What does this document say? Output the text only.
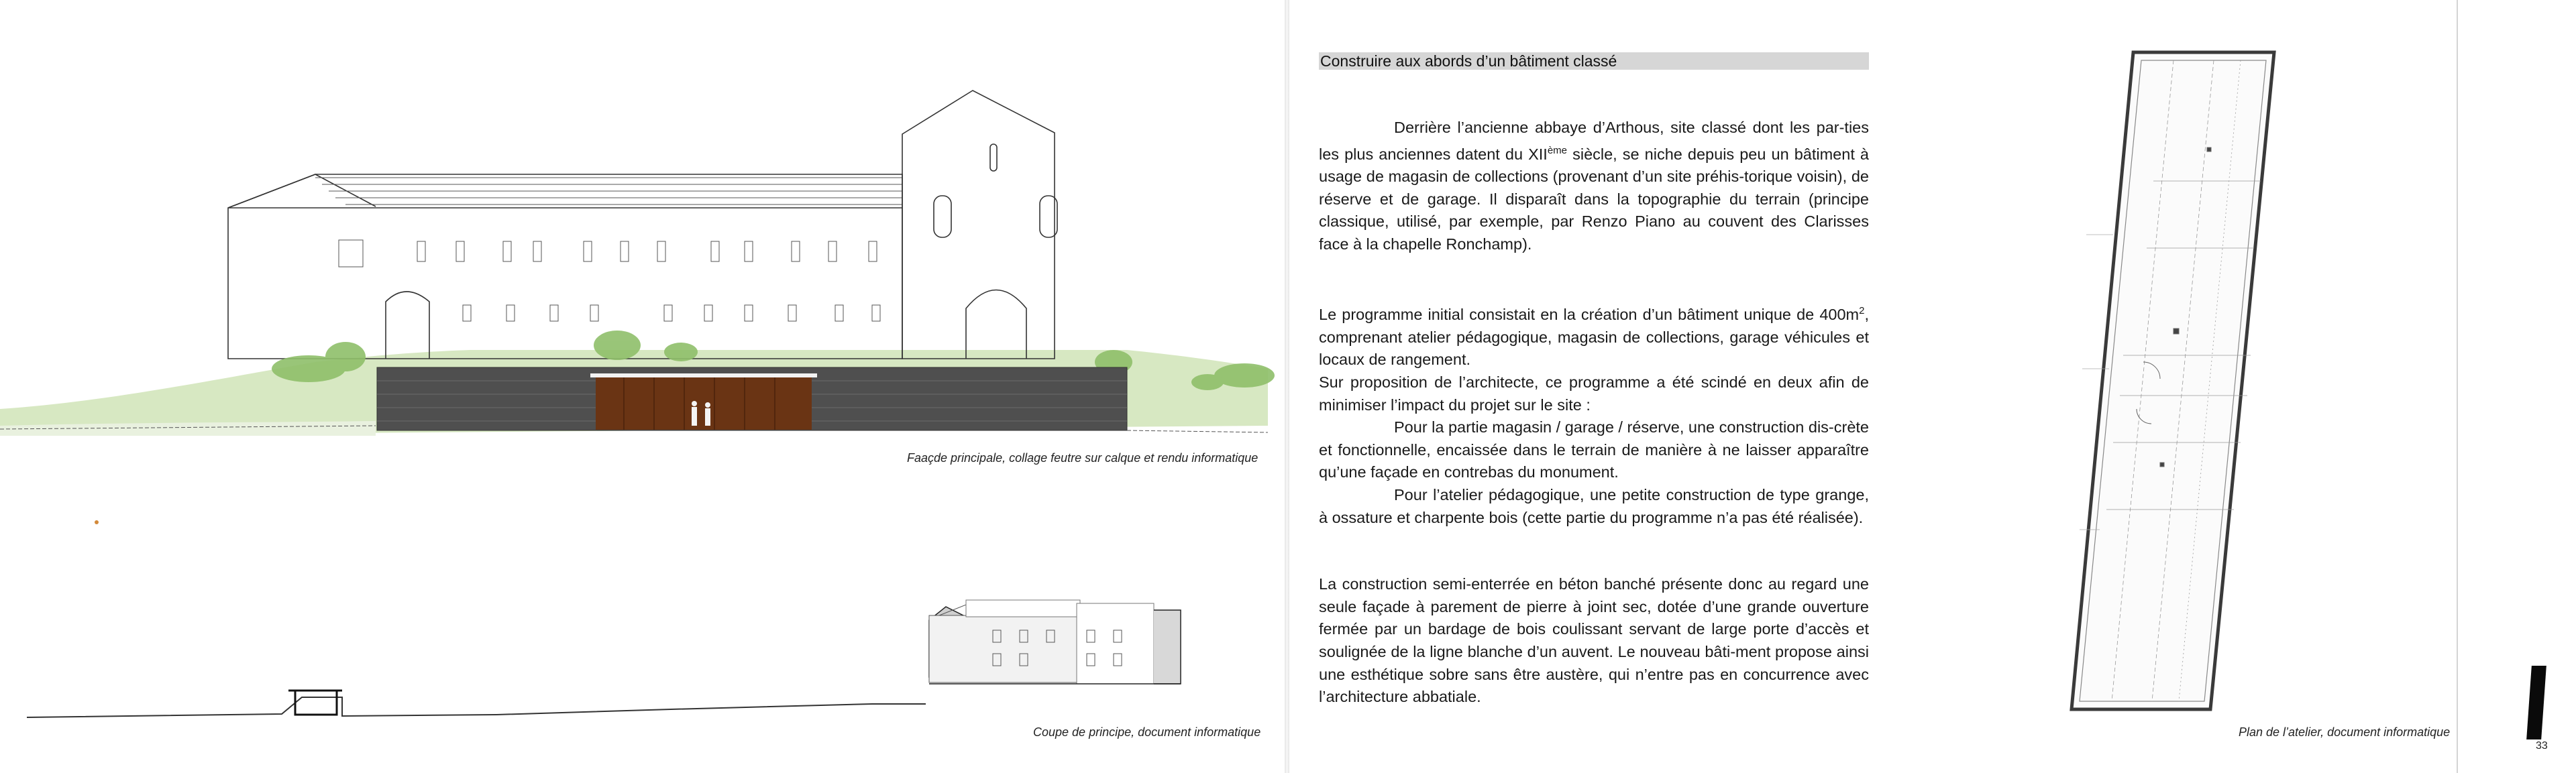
Faaçde principale, collage feutre sur calque et rendu informatique
Coupe de principe, document informatique
Construire aux abords d’un bâtiment classé

Derrière l’ancienne abbaye d’Arthous, site classé dont les par-ties les plus anciennes datent du XIIème siècle, se niche depuis peu un bâtiment à usage de magasin de collections (provenant d’un site préhis-torique voisin), de réserve et de garage. Il disparaît dans la topographie du terrain (principe classique, utilisé, par exemple, par Renzo Piano au couvent des Clarisses face à la chapelle Ronchamp).

Le programme initial consistait en la création d’un bâtiment unique de $400m^2$, comprenant atelier pédagogique, magasin de collections, garage véhicules et locaux de rangement.

Sur proposition de l’architecte, ce programme a été scindé en deux afin de minimiser l’impact du projet sur le site :

Pour la partie magasin / garage / réserve, une construction dis-crète et fonctionnelle, encaissée dans le terrain de manière à ne laisser apparaître qu’une façade en contrebas du monument.

Pour l’atelier pédagogique, une petite construction de type grange, à ossature et charpente bois (cette partie du programme n’a pas été réalisée).

La construction semi-enterrée en béton banché présente donc au regard une seule façade à parement de pierre à joint sec, dotée d’une grande ouverture fermée par un bardage de bois coulissant servant de large porte d’accès et soulignée de la ligne blanche d’un auvent. Le nouveau bâti-ment propose ainsi une esthétique sobre sans être austère, qui n’entre pas en concurrence avec l’architecture abbatiale.

Plan de l’atelier, document informatique
33
